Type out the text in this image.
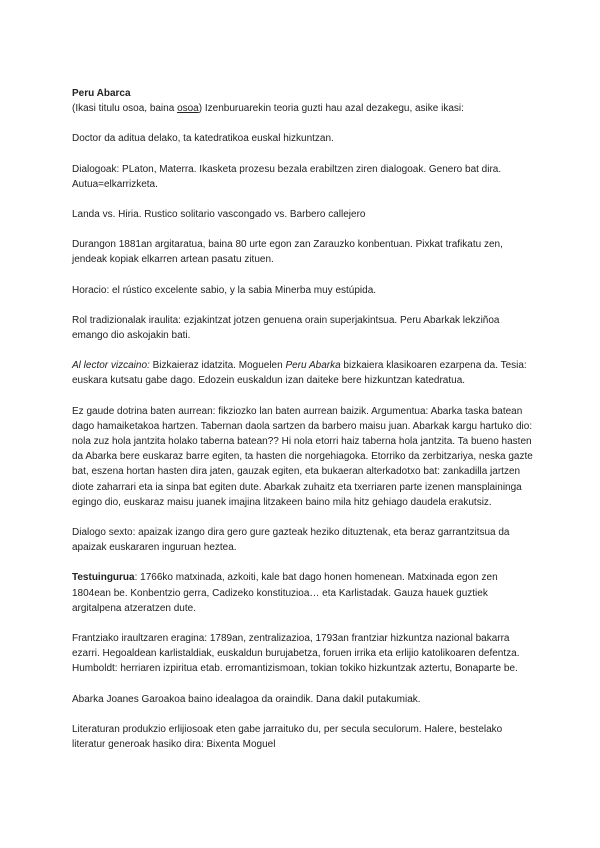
Peru Abarca

(Ikasi titulu osoa, baina osoa) Izenburuarekin teoria guzti hau azal dezakegu, asike ikasi:

Doctor da aditua delako, ta katedratikoa euskal hizkuntzan.

Dialogoak: PLaton, Materra. Ikasketa prozesu bezala erabiltzen ziren dialogoak. Genero bat dira. Autua=elkarrizketa.

Landa vs. Hiria. Rustico solitario vascongado vs. Barbero callejero

Durangon 1881an argitaratua, baina 80 urte egon zan Zarauzko konbentuan. Pixkat trafikatu zen, jendeak kopiak elkarren artean pasatu zituen.

Horacio: el rústico excelente sabio, y la sabia Minerba muy estúpida.

Rol tradizionalak iraulita: ezjakintzat jotzen genuena orain superjakintsua. Peru Abarkak lekziñoa emango dio askojakin bati.

Al lector vizcaino: Bizkaieraz idatzita. Moguelen Peru Abarka bizkaiera klasikoaren ezarpena da. Tesia: euskara kutsatu gabe dago. Edozein euskaldun izan daiteke bere hizkuntzan katedratua.

Ez gaude dotrina baten aurrean: fikziozko lan baten aurrean baizik. Argumentua: Abarka taska batean dago hamaiketakoa hartzen. Tabernan daola sartzen da barbero maisu juan. Abarkak kargu hartuko dio: nola zuz hola jantzita holako taberna batean?? Hi nola etorri haiz taberna hola jantzita. Ta bueno hasten da Abarka bere euskaraz barre egiten, ta hasten die norgehiagoka. Etorriko da zerbitzariya, neska gazte bat, eszena hortan hasten dira jaten, gauzak egiten, eta bukaeran alterkadotxo bat: zankadilla jartzen diote zaharrari eta ia sinpa bat egiten dute. Abarkak zuhaitz eta txerriaren parte izenen mansplaininga egingo dio, euskaraz maisu juanek imajina litzakeen baino mila hitz gehiago daudela erakutsiz.

Dialogo sexto: apaizak izango dira gero gure gazteak heziko dituztenak, eta beraz garrantzitsua da apaizak euskararen inguruan heztea.

Testuingurua: 1766ko matxinada, azkoiti, kale bat dago honen homenean. Matxinada egon zen 1804ean be. Konbentzio gerra, Cadizeko konstituzioa… eta Karlistadak. Gauza hauek guztiek argitalpena atzeratzen dute.

Frantziako iraultzaren eragina: 1789an, zentralizazioa, 1793an frantziar hizkuntza nazional bakarra ezarri. Hegoaldean karlistaldiak, euskaldun burujabetza, foruen irrika eta erlijio katolikoaren defentza. Humboldt: herriaren izpiritua etab. erromantizismoan, tokian tokiko hizkuntzak aztertu, Bonaparte be.

Abarka Joanes Garoakoa baino idealagoa da oraindik. Dana dakiI putakumiak.

Literaturan produkzio erlijiosoak eten gabe jarraituko du, per secula seculorum. Halere, bestelako literatur generoak hasiko dira: Bixenta Moguel
